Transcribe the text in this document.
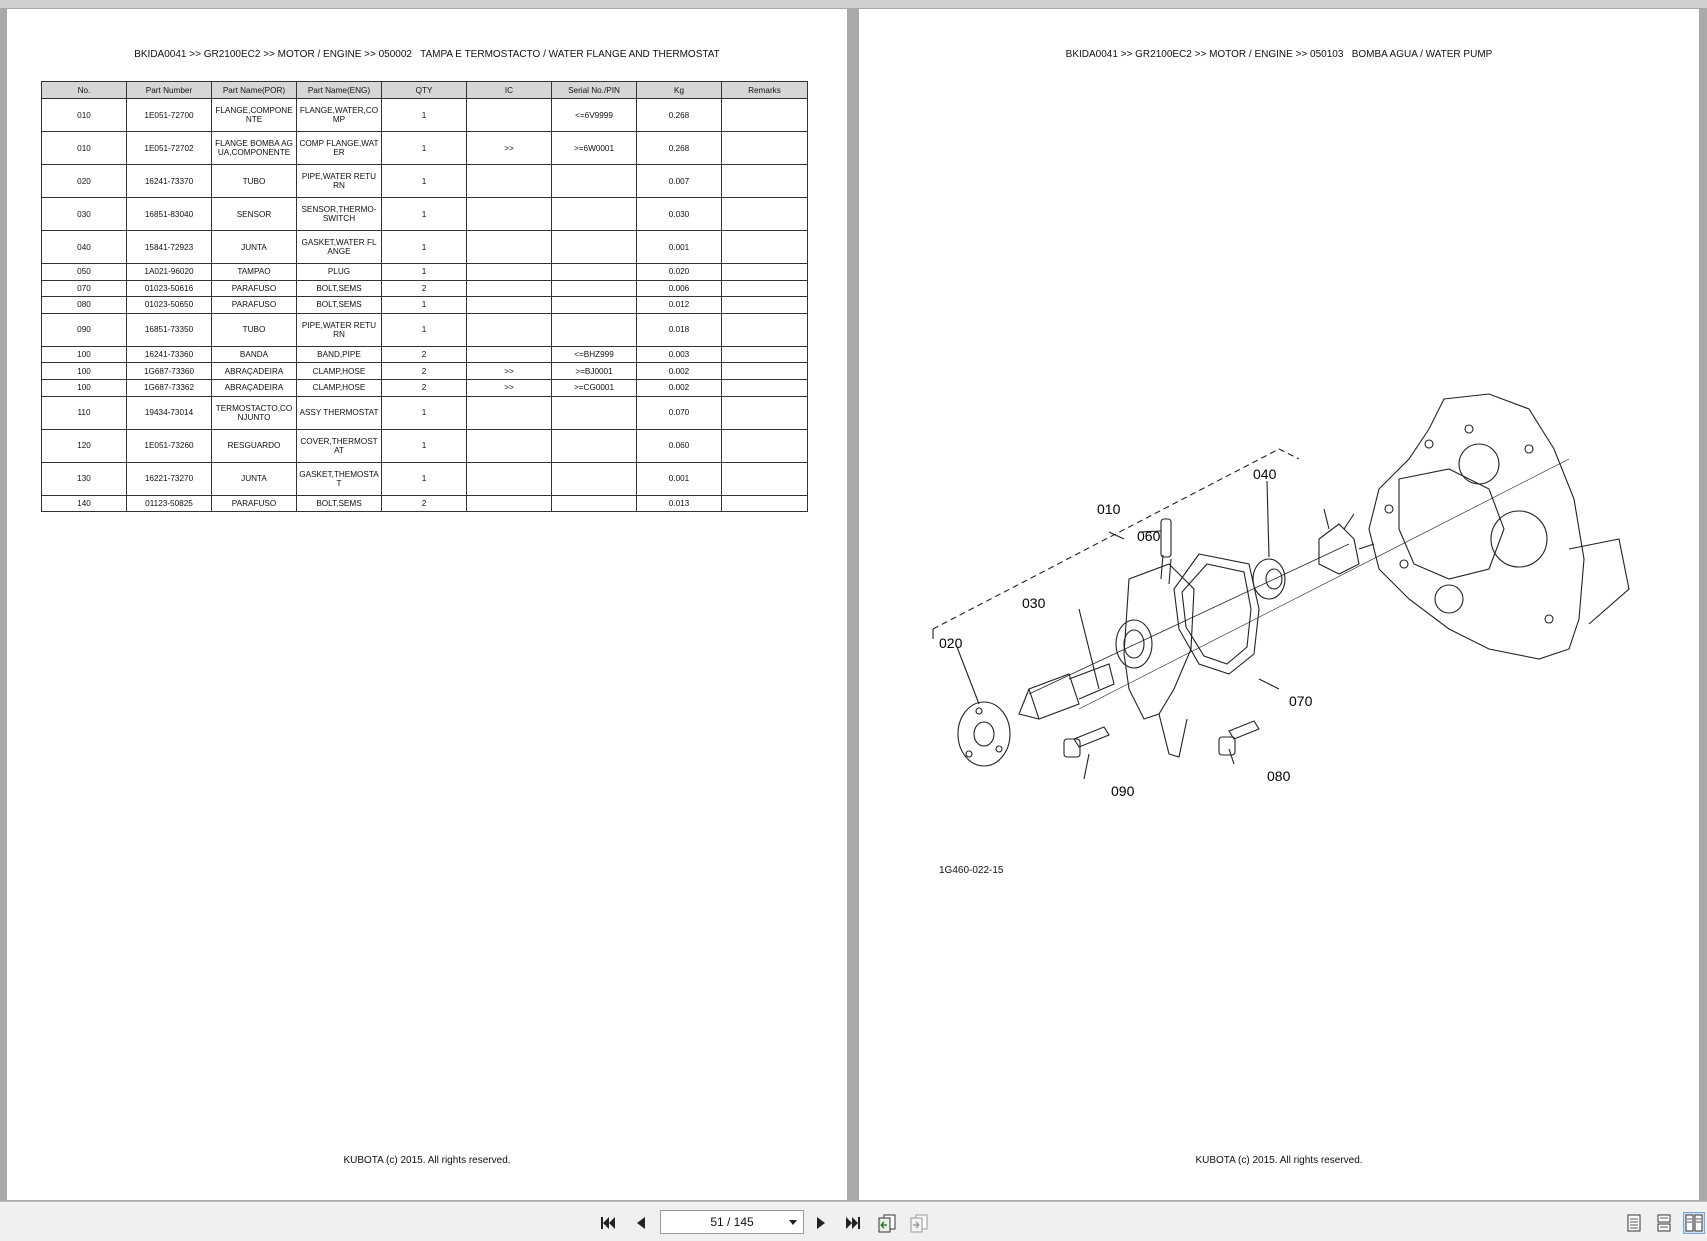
BKIDA0041 >> GR2100EC2 >> MOTOR / ENGINE >> 050002   TAMPA E TERMOSTACTO / WATER FLANGE AND THERMOSTAT
No.	Part Number	Part Name(POR)	Part Name(ENG)	QTY	IC	Serial No./PIN	Kg	Remarks
010	1E051-72700	FLANGE,COMPONENTE	FLANGE,WATER,COMP	1		<=6V9999	0.268	
010	1E051-72702	FLANGE BOMBA AGUA,COMPONENTE	COMP FLANGE,WATER	1	>>	>=6W0001	0.268	
020	16241-73370	TUBO	PIPE,WATER RETURN	1			0.007	
030	16851-83040	SENSOR	SENSOR,THERMO-SWITCH	1			0.030	
040	15841-72923	JUNTA	GASKET,WATER FLANGE	1			0.001	
050	1A021-96020	TAMPAO	PLUG	1			0.020	
070	01023-50616	PARAFUSO	BOLT,SEMS	2			0.006	
080	01023-50650	PARAFUSO	BOLT,SEMS	1			0.012	
090	16851-73350	TUBO	PIPE,WATER RETURN	1			0.018	
100	16241-73360	BANDA	BAND,PIPE	2		<=BHZ999	0.003	
100	1G687-73360	ABRAÇADEIRA	CLAMP,HOSE	2	>>	>=BJ0001	0.002	
100	1G687-73362	ABRAÇADEIRA	CLAMP,HOSE	2	>>	>=CG0001	0.002	
110	19434-73014	TERMOSTACTO,CONJUNTO	ASSY THERMOSTAT	1			0.070	
120	1E051-73260	RESGUARDO	COVER,THERMOSTAT	1			0.060	
130	16221-73270	JUNTA	GASKET,THEMOSTAT	1			0.001	
140	01123-50825	PARAFUSO	BOLT,SEMS	2			0.013	
KUBOTA (c) 2015. All rights reserved.
BKIDA0041 >> GR2100EC2 >> MOTOR / ENGINE >> 050103   BOMBA AGUA / WATER PUMP
010
020
030
040
060
070
080
090
1G460-022-15
KUBOTA (c) 2015. All rights reserved.
51 / 145
